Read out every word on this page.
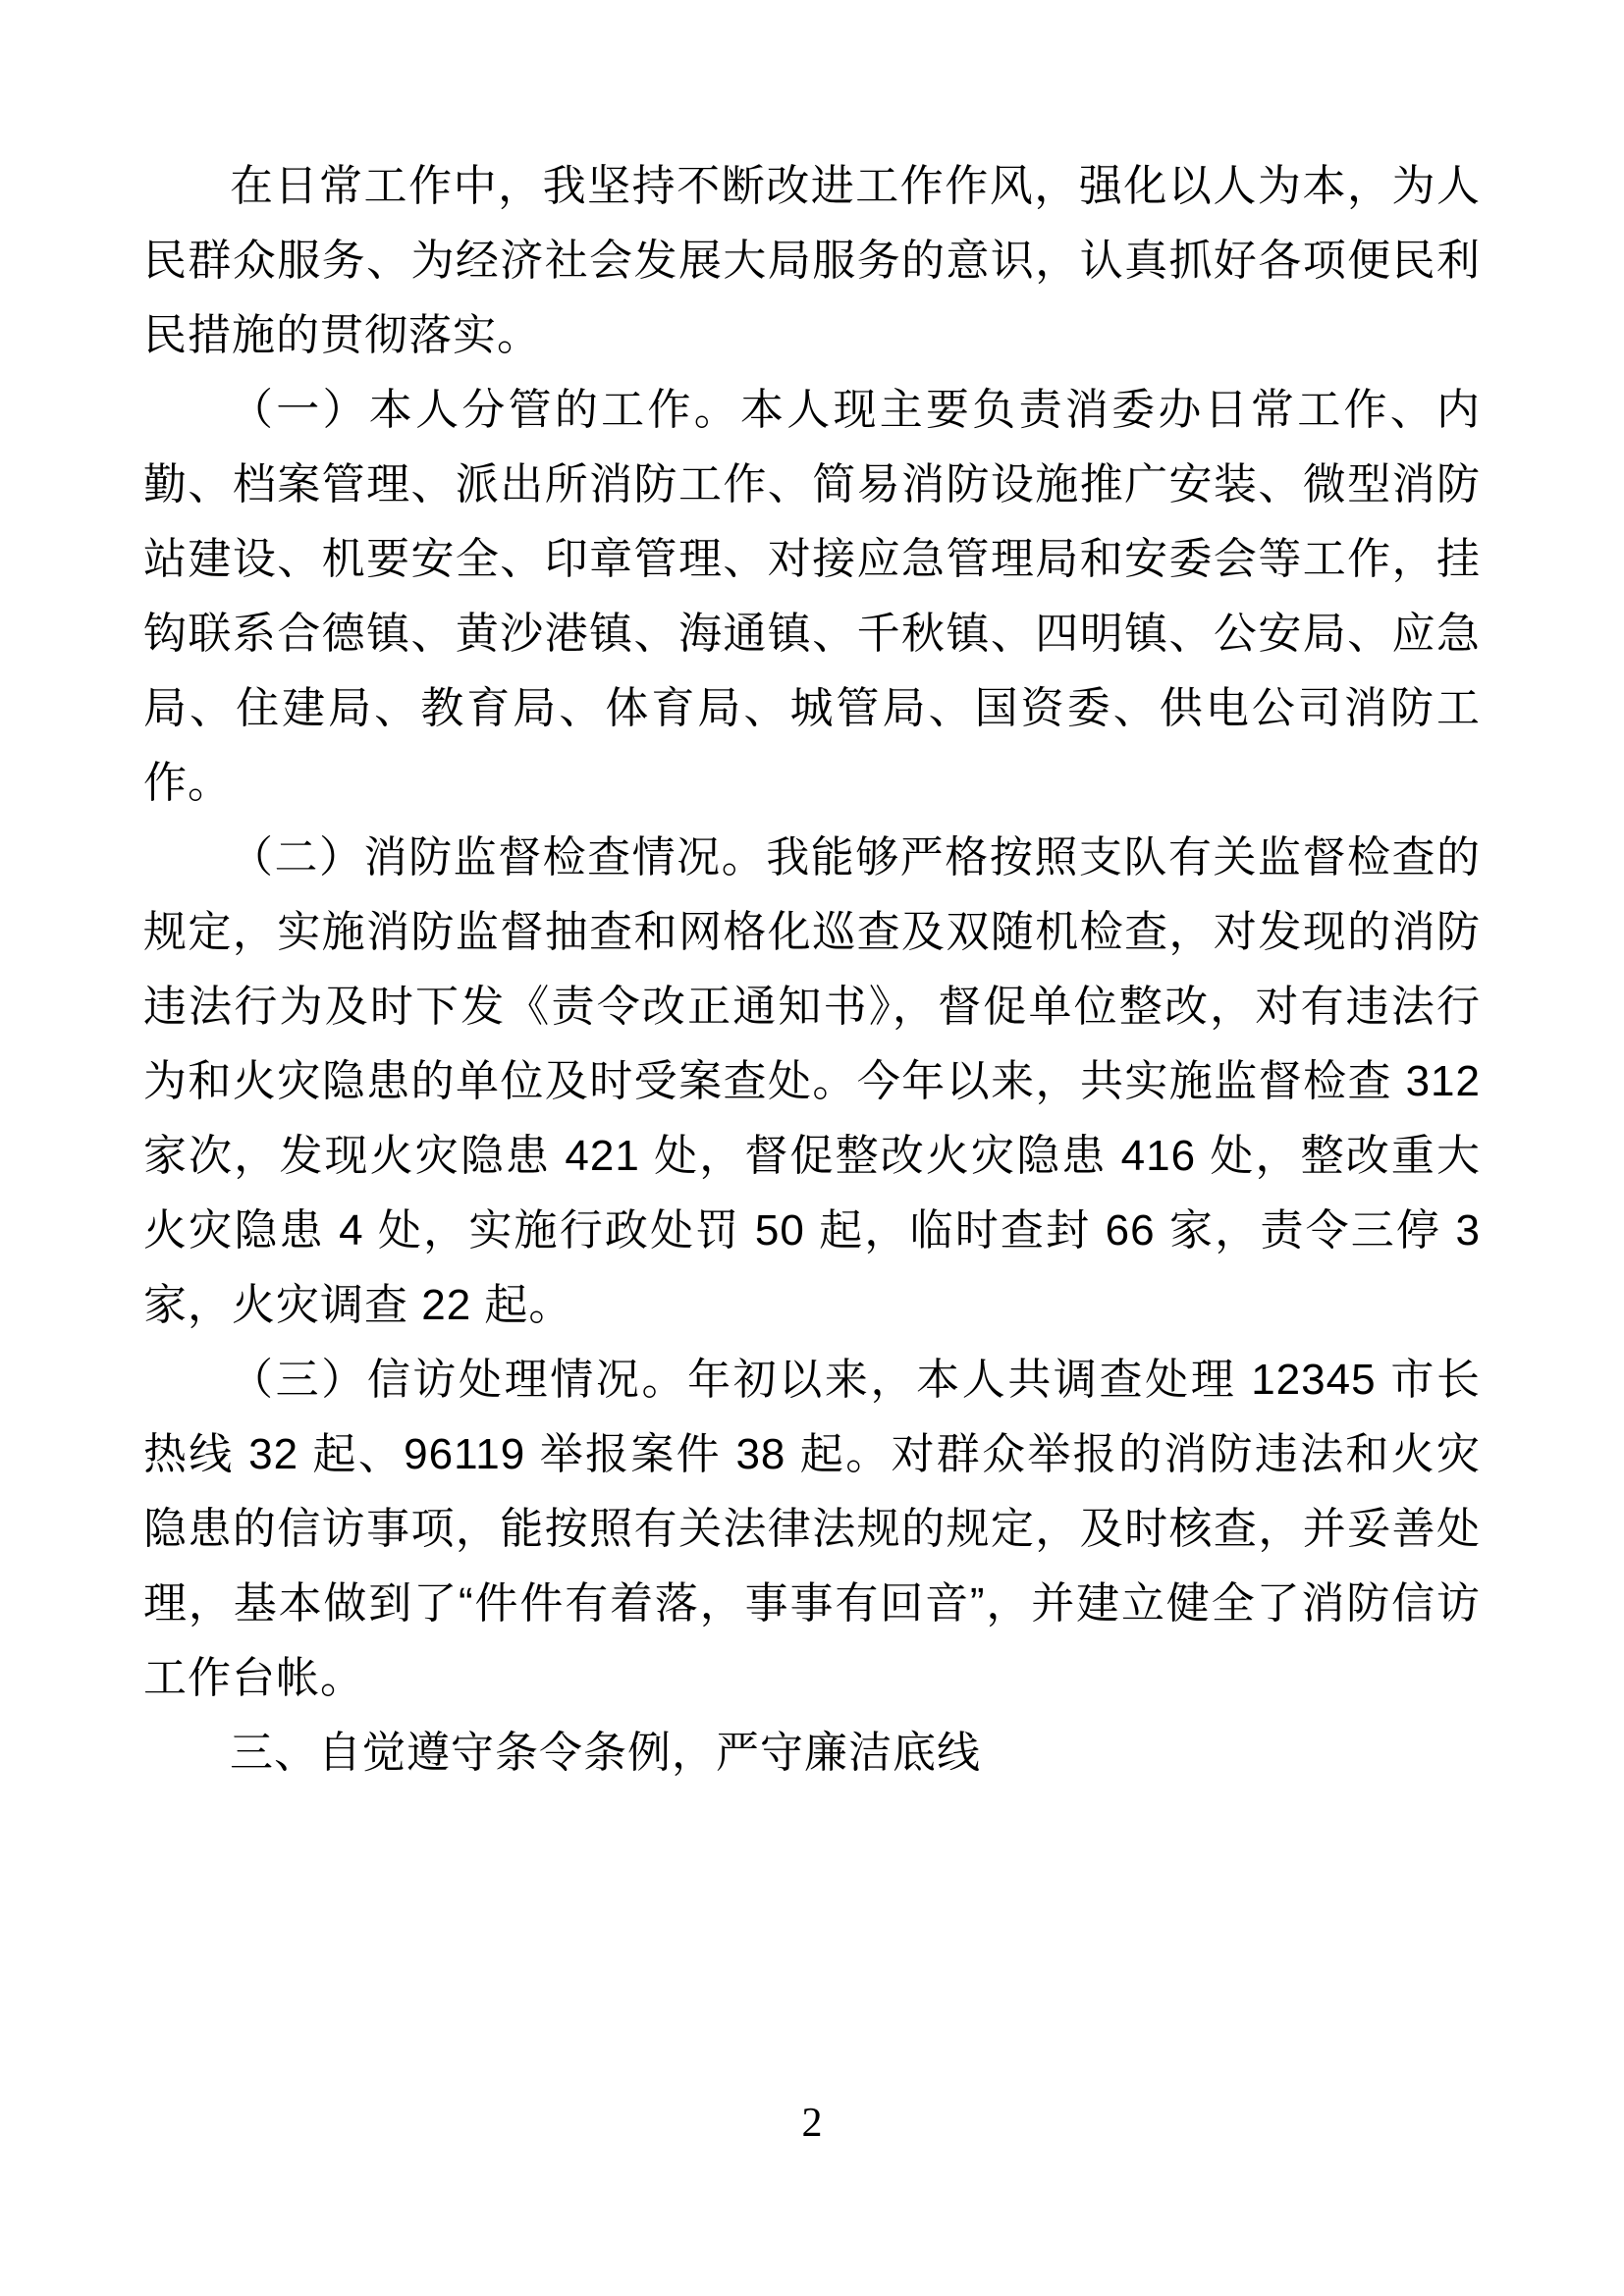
在日常工作中，我坚持不断改进工作作风，强化以人为本，为人民群众服务、为经济社会发展大局服务的意识，认真抓好各项便民利民措施的贯彻落实。

（一）本人分管的工作。本人现主要负责消委办日常工作、内勤、档案管理、派出所消防工作、简易消防设施推广安装、微型消防站建设、机要安全、印章管理、对接应急管理局和安委会等工作，挂钩联系合德镇、黄沙港镇、海通镇、千秋镇、四明镇、公安局、应急局、住建局、教育局、体育局、城管局、国资委、供电公司消防工作。

（二）消防监督检查情况。我能够严格按照支队有关监督检查的规定，实施消防监督抽查和网格化巡查及双随机检查，对发现的消防违法行为及时下发《责令改正通知书》，督促单位整改，对有违法行为和火灾隐患的单位及时受案查处。今年以来，共实施监督检查 312 家次，发现火灾隐患 421 处，督促整改火灾隐患 416 处，整改重大火灾隐患 4 处，实施行政处罚 50 起，临时查封 66 家，责令三停 3 家，火灾调查 22 起。

（三）信访处理情况。年初以来，本人共调查处理 12345 市长热线 32 起、96119 举报案件 38 起。对群众举报的消防违法和火灾隐患的信访事项，能按照有关法律法规的规定，及时核查，并妥善处理，基本做到了“件件有着落，事事有回音”，并建立健全了消防信访工作台帐。

三、自觉遵守条令条例，严守廉洁底线

2
